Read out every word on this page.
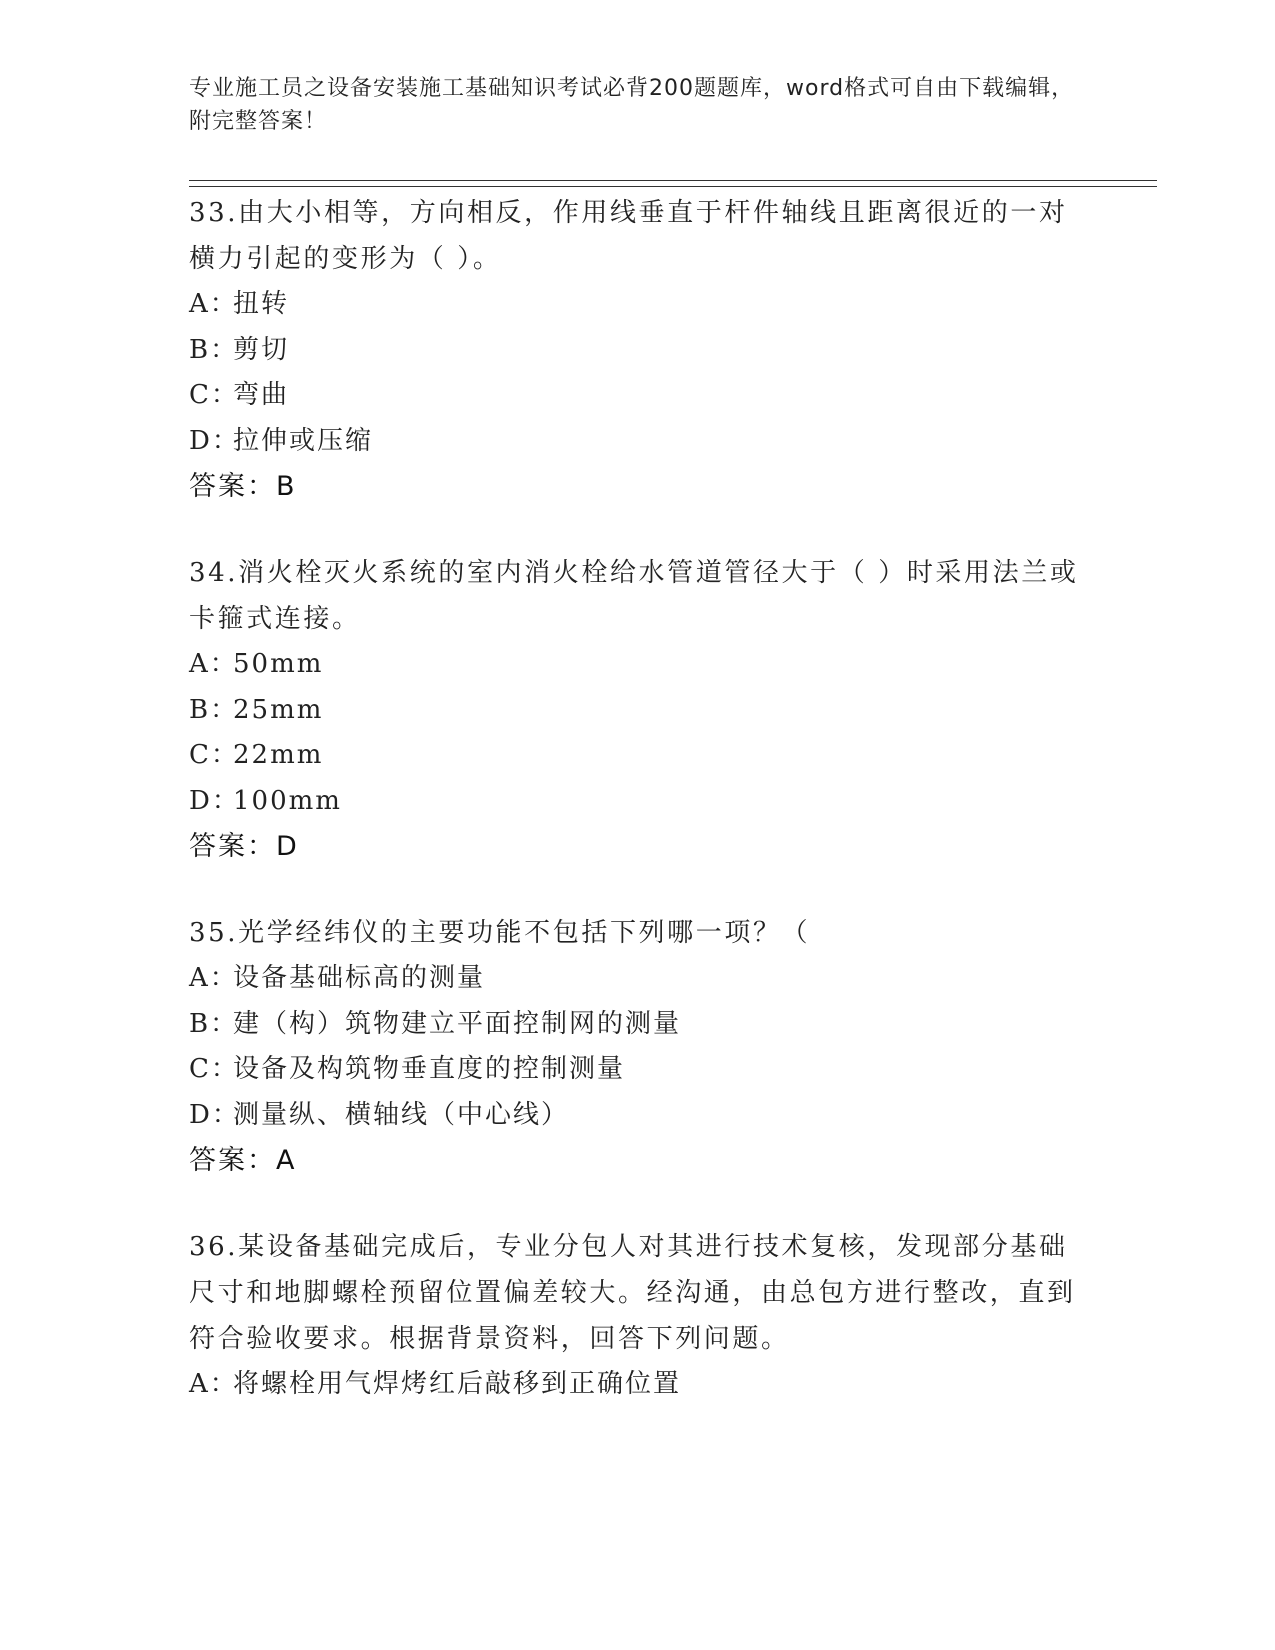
专业施工员之设备安装施工基础知识考试必背200题题库，word格式可自由下载编辑，附完整答案！

33.由大小相等，方向相反，作用线垂直于杆件轴线且距离很近的一对横力引起的变形为（ ）。

A：
扭转
B：
剪切
C：
弯曲
D：
拉伸或压缩
答案：B

34.消火栓灭火系统的室内消火栓给水管道管径大于（ ）时采用法兰或卡箍式连接。

A：
50mm
B：
25mm
C：
22mm
D：
100mm
答案：D

35.光学经纬仪的主要功能不包括下列哪一项？（

A：
设备基础标高的测量
B：
建（构）筑物建立平面控制网的测量
C：
设备及构筑物垂直度的控制测量
D：
测量纵、横轴线（中心线）
答案：A

36.某设备基础完成后，专业分包人对其进行技术复核，发现部分基础尺寸和地脚螺栓预留位置偏差较大。经沟通，由总包方进行整改，直到符合验收要求。根据背景资料，回答下列问题。

A：
将螺栓用气焊烤红后敲移到正确位置
